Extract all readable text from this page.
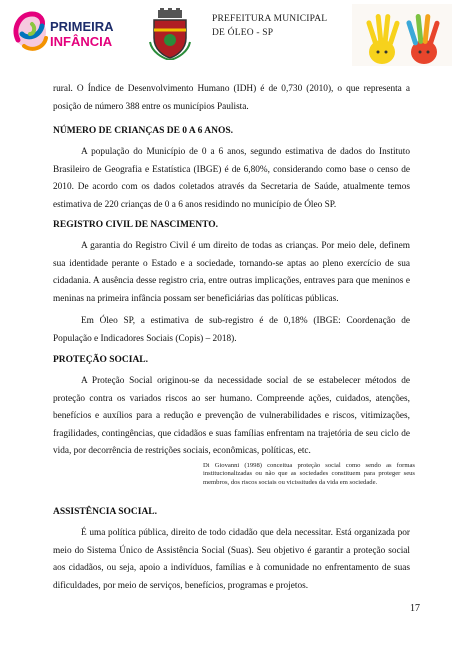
PRIMEIRA
INFÂNCIA
PREFEITURA MUNICIPAL
DE ÓLEO - SP
rural. O Índice de Desenvolvimento Humano (IDH) é de 0,730 (2010), o que representa a posição de número 388 entre os municípios Paulista.
NÚMERO DE CRIANÇAS DE 0 A 6 ANOS.
A população do Município de 0 a 6 anos, segundo estimativa de dados do Instituto Brasileiro de Geografia e Estatística (IBGE) é de 6,80%, considerando como base o censo de 2010. De acordo com os dados coletados através da Secretaria de Saúde, atualmente temos estimativa de 220 crianças de 0 a 6 anos residindo no município de Óleo SP.
REGISTRO CIVIL DE NASCIMENTO.
A garantia do Registro Civil é um direito de todas as crianças. Por meio dele, definem sua identidade perante o Estado e a sociedade, tornando-se aptas ao pleno exercício de sua cidadania. A ausência desse registro cria, entre outras implicações, entraves para que meninos e meninas na primeira infância possam ser beneficiárias das políticas públicas.
Em Óleo SP, a estimativa de sub-registro é de 0,18% (IBGE: Coordenação de População e Indicadores Sociais (Copis) – 2018).
PROTEÇÃO SOCIAL.
A Proteção Social originou-se da necessidade social de se estabelecer métodos de proteção contra os variados riscos ao ser humano. Compreende ações, cuidados, atenções, benefícios e auxílios para a redução e prevenção de vulnerabilidades e riscos, vitimizações, fragilidades, contingências, que cidadãos e suas famílias enfrentam na trajetória de seu ciclo de vida, por decorrência de restrições sociais, econômicas, políticas, etc.
ASSISTÊNCIA SOCIAL.
É uma política pública, direito de todo cidadão que dela necessitar. Está organizada por meio do Sistema Único de Assistência Social (Suas). Seu objetivo é garantir a proteção social aos cidadãos, ou seja, apoio a indivíduos, famílias e à comunidade no enfrentamento de suas dificuldades, por meio de serviços, benefícios, programas e projetos.
Di Giovanni (1998) conceitua proteção social como sendo as formas institucionalizadas ou não que as sociedades constituem para proteger seus membros, dos riscos sociais ou vicissitudes da vida em sociedade.
17
